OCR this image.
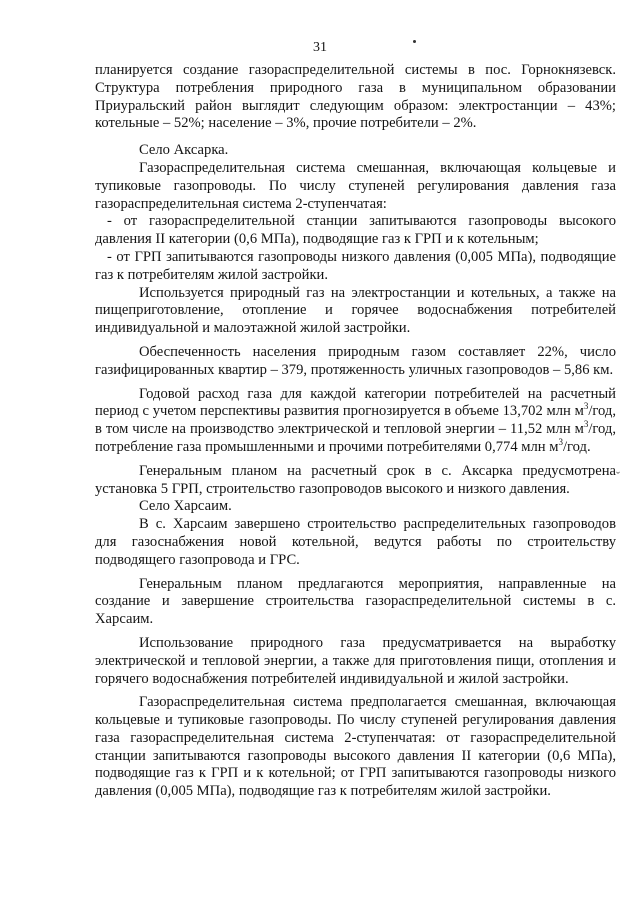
31

планируется создание газораспределительной системы в пос. Горнокнязевск. Структура потребления природного газа в муниципальном образовании Приуральский район выглядит следующим образом: электростанции – 43%; котельные – 52%; население – 3%, прочие потребители – 2%.

Село Аксарка.

Газораспределительная система смешанная, включающая кольцевые и тупиковые газопроводы. По числу ступеней регулирования давления газа газораспределительная система 2-ступенчатая:

- от газораспределительной станции запитываются газопроводы высокого давления II категории (0,6 МПа), подводящие газ к ГРП и к котельным;

- от ГРП запитываются газопроводы низкого давления (0,005 МПа), подводящие газ к потребителям жилой застройки.

Используется природный газ на электростанции и котельных, а также на пищеприготовление, отопление и горячее водоснабжения потребителей индивидуальной и малоэтажной жилой застройки.

Обеспеченность населения природным газом составляет 22%, число газифицированных квартир – 379, протяженность уличных газопроводов – 5,86 км.

Годовой расход газа для каждой категории потребителей на расчетный период с учетом перспективы развития прогнозируется в объеме 13,702 млн $м^3$/год, в том числе на производство электрической и тепловой энергии – 11,52 млн $м^3$/год, потребление газа промышленными и прочими потребителями 0,774 млн $м^3$/год.

Генеральным планом на расчетный срок в с. Аксарка предусмотрена установка 5 ГРП, строительство газопроводов высокого и низкого давления.

Село Харсаим.

В с. Харсаим завершено строительство распределительных газопроводов для газоснабжения новой котельной, ведутся работы по строительству подводящего газопровода и ГРС.

Генеральным планом предлагаются мероприятия, направленные на создание и завершение строительства газораспределительной системы в с. Харсаим.

Использование природного газа предусматривается на выработку электрической и тепловой энергии, а также для приготовления пищи, отопления и горячего водоснабжения потребителей индивидуальной и жилой застройки.

Газораспределительная система предполагается смешанная, включающая кольцевые и тупиковые газопроводы. По числу ступеней регулирования давления газа газораспределительная система 2-ступенчатая: от газораспределительной станции запитываются газопроводы высокого давления II категории (0,6 МПа), подводящие газ к ГРП и к котельной; от ГРП запитываются газопроводы низкого давления (0,005 МПа), подводящие газ к потребителям жилой застройки.

ˇ
